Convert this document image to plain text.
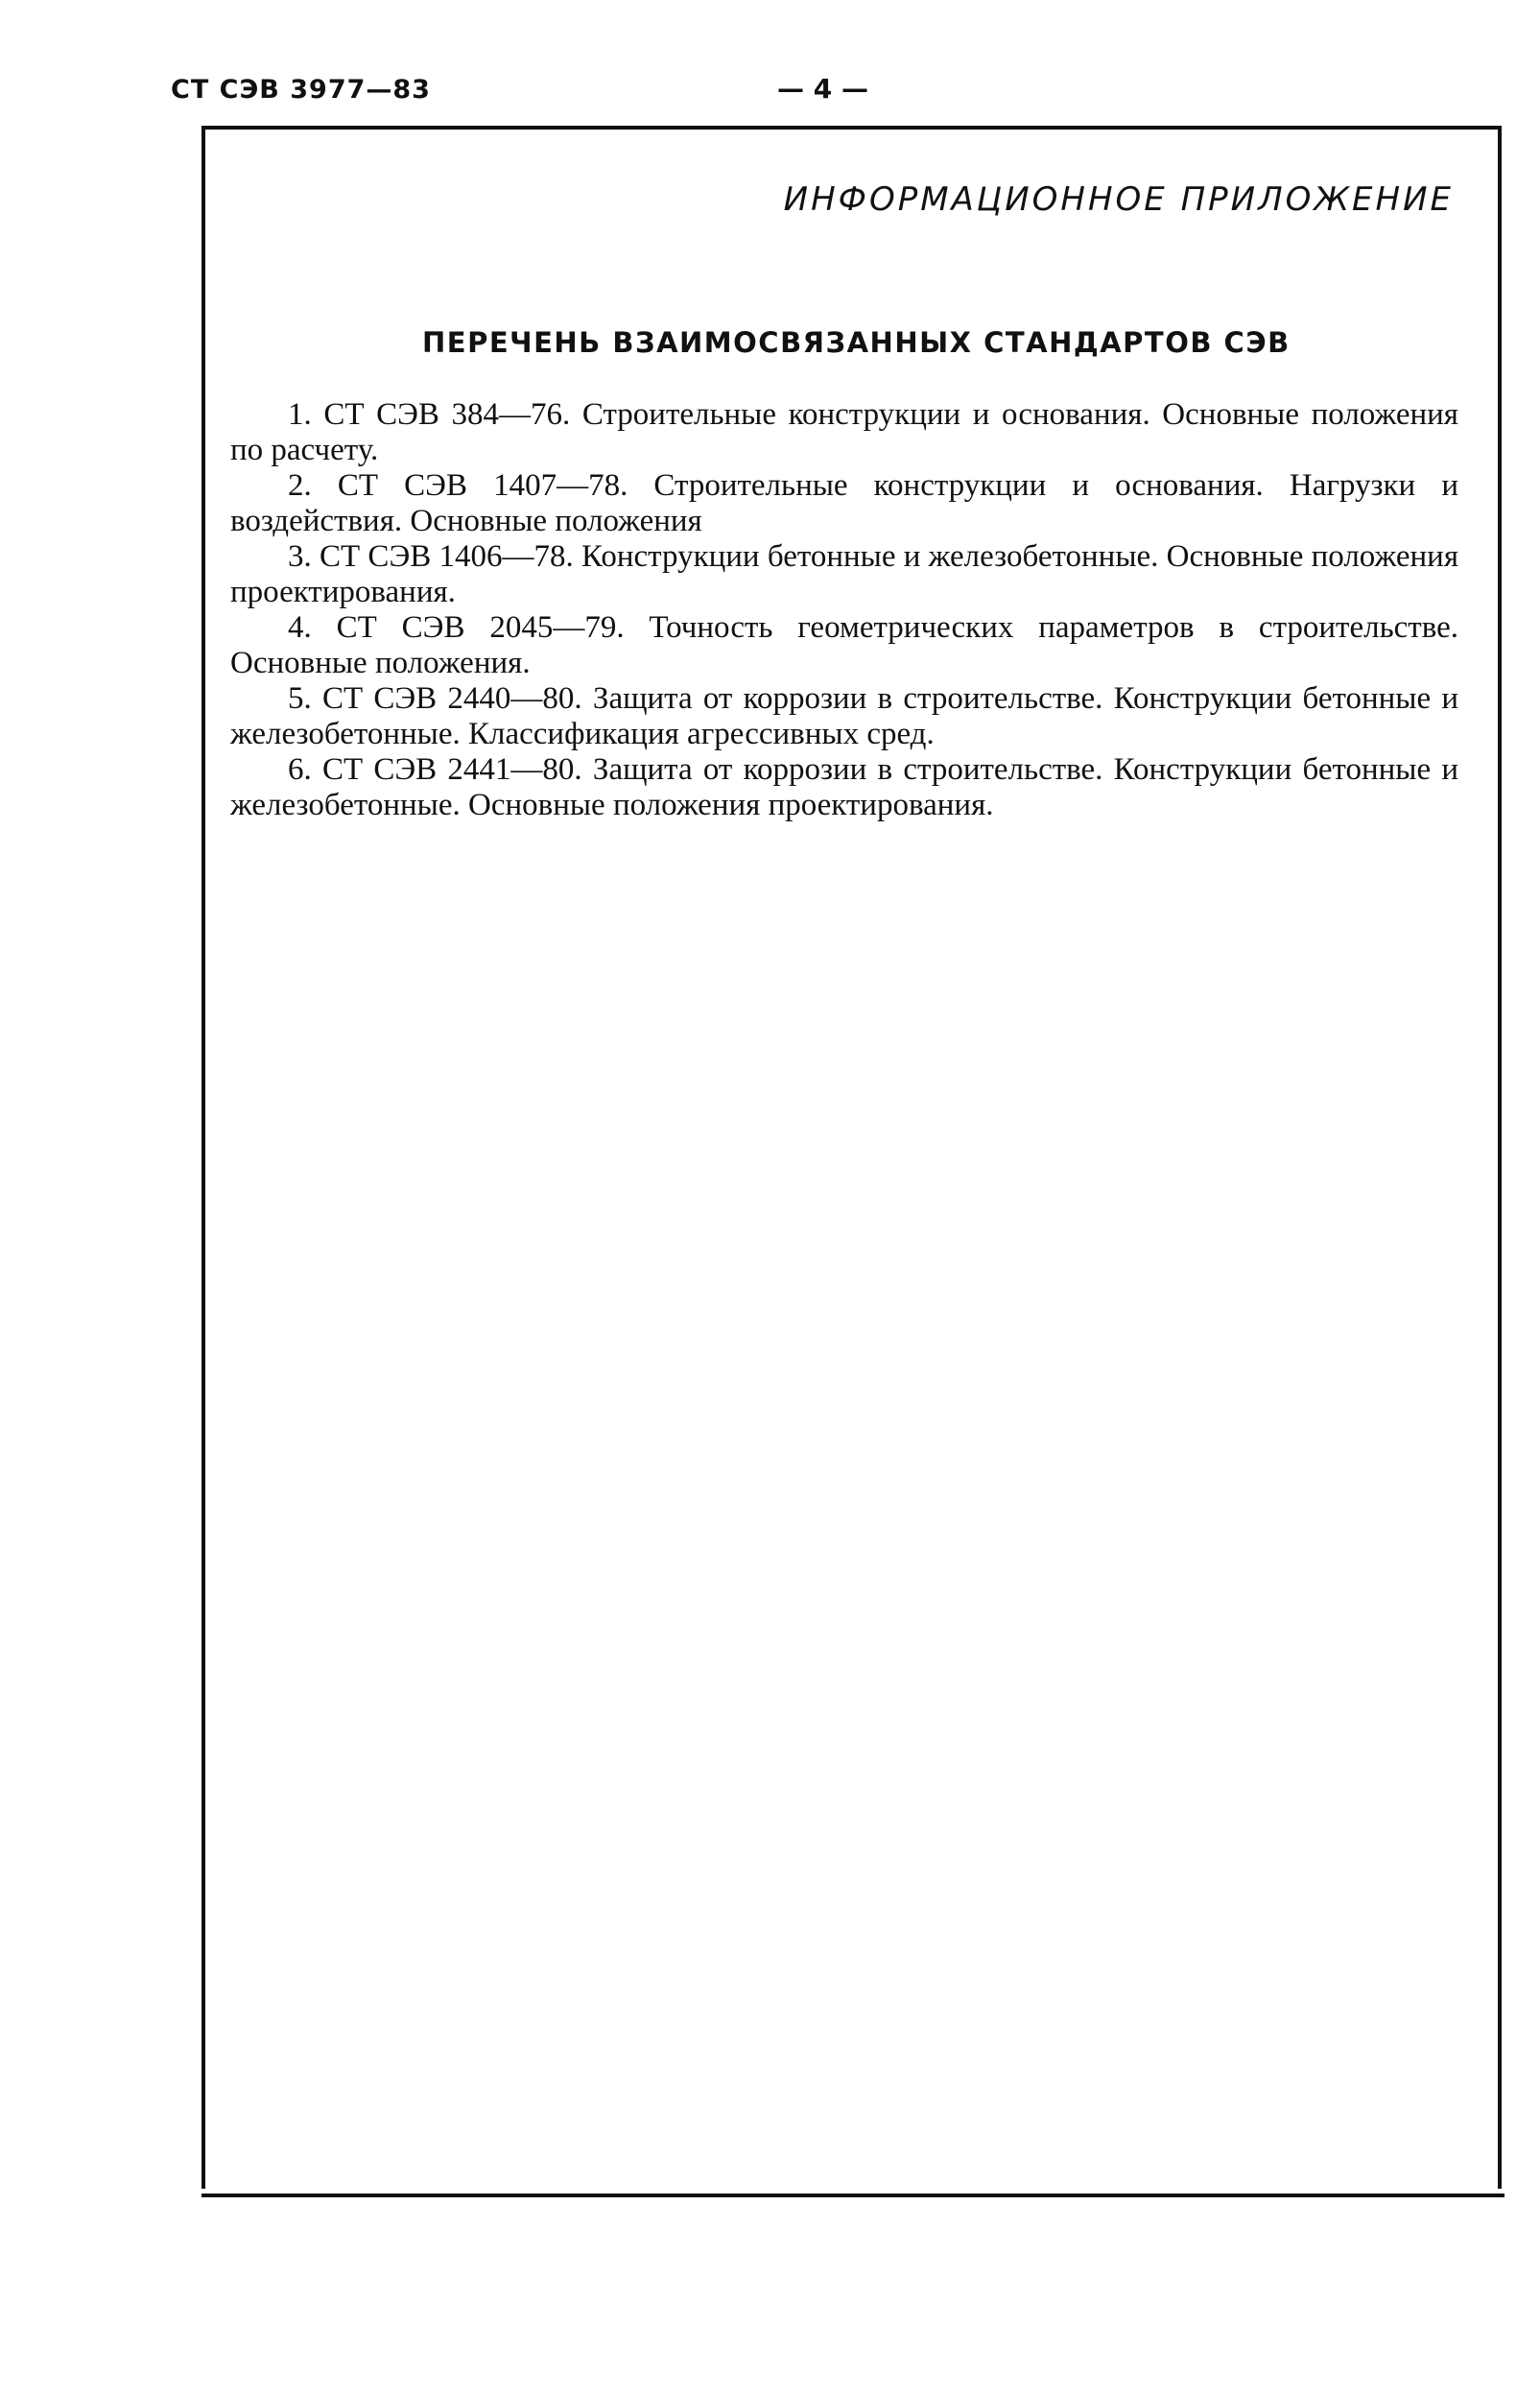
СТ СЭВ 3977—83	— 4 —
ИНФОРМАЦИОННОЕ ПРИЛОЖЕНИЕ
ПЕРЕЧЕНЬ ВЗАИМОСВЯЗАННЫХ СТАНДАРТОВ СЭВ

1. СТ СЭВ 384—76. Строительные конструкции и основания. Основные положения по расчету.

2. СТ СЭВ 1407—78. Строительные конструкции и основания. Нагрузки и воздействия. Основные положения

3. СТ СЭВ 1406—78. Конструкции бетонные и железобетонные. Основные положения проектирования.

4. СТ СЭВ 2045—79. Точность геометрических параметров в строительстве. Основные положения.

5. СТ СЭВ 2440—80. Защита от коррозии в строительстве. Конструкции бетонные и железобетонные. Классификация агрессивных сред.

6. СТ СЭВ 2441—80. Защита от коррозии в строительстве. Конструкции бетонные и железобетонные. Основные положения проектирования.
